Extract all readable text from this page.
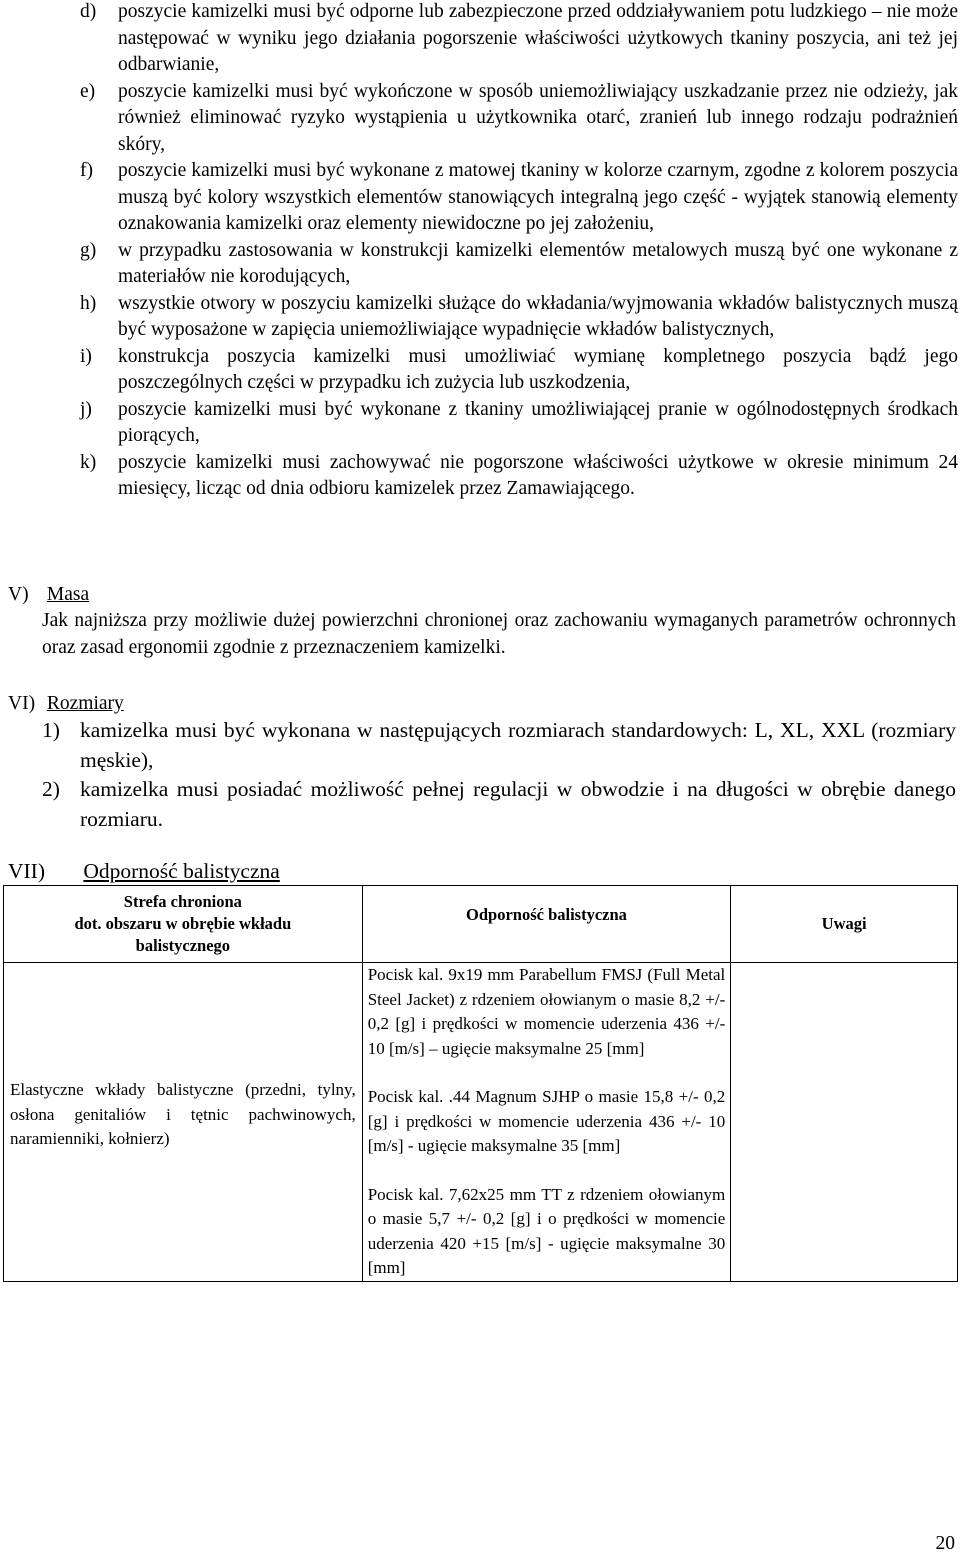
d)	poszycie kamizelki musi być odporne lub zabezpieczone przed oddziaływaniem potu ludzkiego – nie może następować w wyniku jego działania pogorszenie właściwości użytkowych tkaniny poszycia, ani też jej odbarwianie,
e)	poszycie kamizelki musi być wykończone w sposób uniemożliwiający uszkadzanie przez nie odzieży, jak również eliminować ryzyko wystąpienia u użytkownika otarć, zranień lub innego rodzaju podrażnień skóry,
f)	poszycie kamizelki musi być wykonane z matowej tkaniny w kolorze czarnym, zgodne z kolorem poszycia muszą być kolory wszystkich elementów stanowiących integralną jego część - wyjątek stanowią elementy oznakowania kamizelki oraz elementy niewidoczne po jej założeniu,
g)	w przypadku zastosowania w konstrukcji kamizelki elementów metalowych muszą być one wykonane z materiałów nie korodujących,
h)	wszystkie otwory w poszyciu kamizelki służące do wkładania/wyjmowania wkładów balistycznych muszą być wyposażone w zapięcia uniemożliwiające wypadnięcie wkładów balistycznych,
i)	konstrukcja poszycia kamizelki musi umożliwiać wymianę kompletnego poszycia bądź jego poszczególnych części w przypadku ich zużycia lub uszkodzenia,
j)	poszycie kamizelki musi być wykonane z tkaniny umożliwiającej pranie w ogólnodostępnych środkach piorących,
k)	poszycie kamizelki musi zachowywać nie pogorszone właściwości użytkowe w okresie minimum 24 miesięcy, licząc od dnia odbioru kamizelek przez Zamawiającego.
V) Masa
Jak najniższa przy możliwie dużej powierzchni chronionej oraz zachowaniu wymaganych parametrów ochronnych oraz zasad ergonomii zgodnie z przeznaczeniem kamizelki.
VI) Rozmiary
1) kamizelka musi być wykonana w następujących rozmiarach standardowych: L, XL, XXL (rozmiary męskie),
2) kamizelka musi posiadać możliwość pełnej regulacji w obwodzie i na długości w obrębie danego rozmiaru.
VII) Odporność balistyczna
Strefa chroniona
dot. obszaru w obrębie wkładu balistycznego	Odporność balistyczna	Uwagi

Elastyczne wkłady balistyczne (przedni, tylny, osłona genitaliów i tętnic pachwinowych, naramienniki, kołnierz)	Pocisk kal. 9x19 mm Parabellum FMSJ (Full Metal Steel Jacket) z rdzeniem ołowianym o masie 8,2 +/- 0,2 [g] i prędkości w momencie uderzenia 436 +/- 10 [m/s] – ugięcie maksymalne 25 [mm]
Pocisk kal. .44 Magnum SJHP o masie 15,8 +/- 0,2 [g] i prędkości w momencie uderzenia 436 +/- 10 [m/s] - ugięcie maksymalne 35 [mm]
Pocisk kal. 7,62x25 mm TT z rdzeniem ołowianym o masie 5,7 +/- 0,2 [g] i o prędkości w momencie uderzenia 420 +15 [m/s] - ugięcie maksymalne 30 [mm]	

20
